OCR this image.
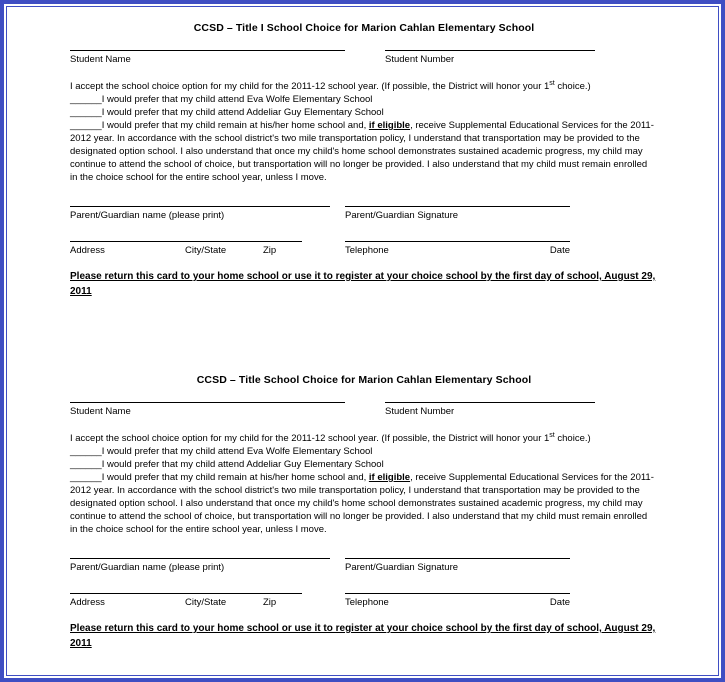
CCSD – Title I School Choice for Marion Cahlan Elementary School
Student Name	Student Number
I accept the school choice option for my child for the 2011-12 school year. (If possible, the District will honor your 1st choice.)
______I would prefer that my child attend Eva Wolfe Elementary School
______I would prefer that my child attend Addeliar Guy Elementary School
______I would prefer that my child remain at his/her home school and, if eligible, receive Supplemental Educational Services for the 2011-2012 year. In accordance with the school district's two mile transportation policy, I understand that transportation may be provided to the designated option school. I also understand that once my child's home school demonstrates sustained academic progress, my child may continue to attend the school of choice, but transportation will no longer be provided. I also understand that my child must remain enrolled in the choice school for the entire school year, unless I move.
Parent/Guardian name (please print)	Parent/Guardian Signature
Address	City/State	Zip	Telephone	Date
Please return this card to your home school or use it to register at your choice school by the first day of school, August 29,
2011
CCSD – Title School Choice for Marion Cahlan Elementary School
Student Name	Student Number
I accept the school choice option for my child for the 2011-12 school year. (If possible, the District will honor your 1st choice.)
______I would prefer that my child attend Eva Wolfe Elementary School
______I would prefer that my child attend Addeliar Guy Elementary School
______I would prefer that my child remain at his/her home school and, if eligible, receive Supplemental Educational Services for the 2011-2012 year. In accordance with the school district's two mile transportation policy, I understand that transportation may be provided to the designated option school. I also understand that once my child's home school demonstrates sustained academic progress, my child may continue to attend the school of choice, but transportation will no longer be provided. I also understand that my child must remain enrolled in the choice school for the entire school year, unless I move.
Parent/Guardian name (please print)	Parent/Guardian Signature
Address	City/State	Zip	Telephone	Date
Please return this card to your home school or use it to register at your choice school by the first day of school, August 29,
2011
